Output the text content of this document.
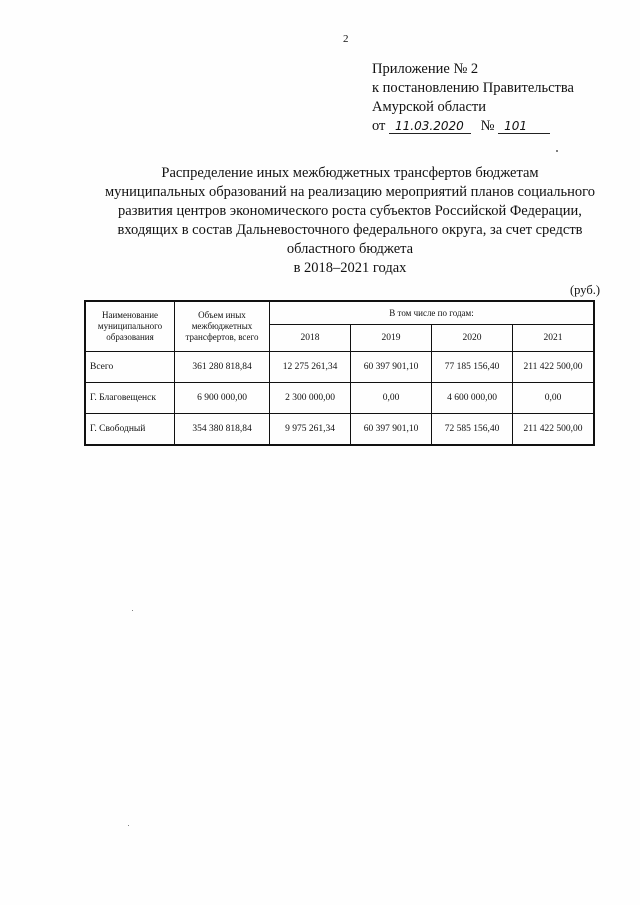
2
Приложение № 2
к постановлению Правительства
Амурской области
от 11.03.2020 № 101
Распределение иных межбюджетных трансфертов бюджетам
муниципальных образований на реализацию мероприятий планов социального
развития центров экономического роста субъектов Российской Федерации,
входящих в состав Дальневосточного федерального округа, за счет средств
областного бюджета
в 2018–2021 годах
(руб.)
Наименование муниципального образования	Объем иных межбюджетных трансфертов, всего	В том числе по годам:			
		2018	2019	2020	2021
Всего	361 280 818,84	12 275 261,34	60 397 901,10	77 185 156,40	211 422 500,00
Г. Благовещенск	6 900 000,00	2 300 000,00	0,00	4 600 000,00	0,00
Г. Свободный	354 380 818,84	9 975 261,34	60 397 901,10	72 585 156,40	211 422 500,00
